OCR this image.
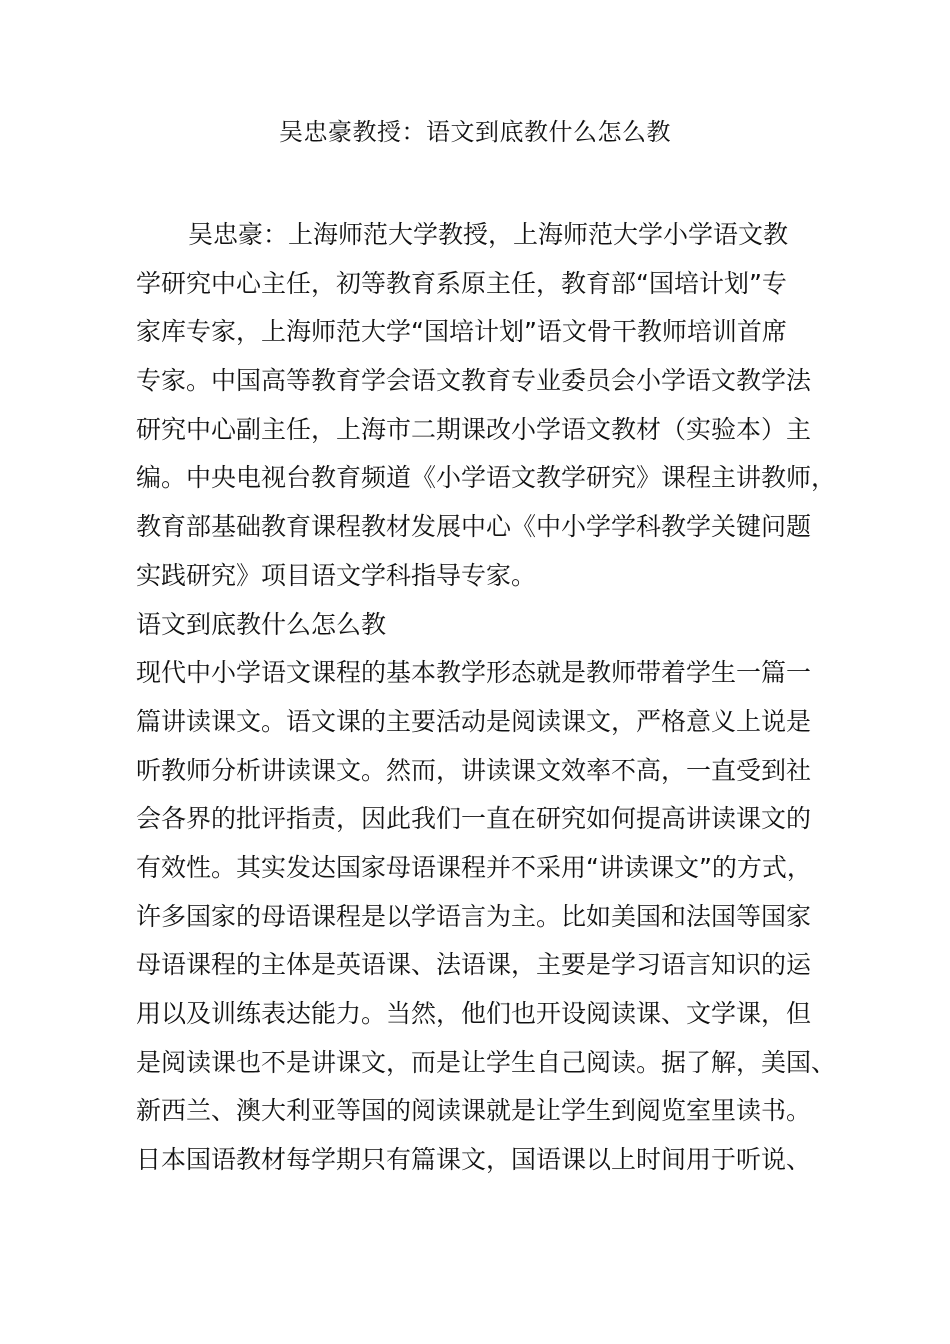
吴忠豪教授：语文到底教什么怎么教
吴忠豪：上海师范大学教授，上海师范大学小学语文教
学研究中心主任，初等教育系原主任，教育部“国培计划”专
家库专家，上海师范大学“国培计划”语文骨干教师培训首席
专家。中国高等教育学会语文教育专业委员会小学语文教学法
研究中心副主任，上海市二期课改小学语文教材（实验本）主
编。中央电视台教育频道《小学语文教学研究》课程主讲教师，
教育部基础教育课程教材发展中心《中小学学科教学关键问题
实践研究》项目语文学科指导专家。
语文到底教什么怎么教
现代中小学语文课程的基本教学形态就是教师带着学生一篇一
篇讲读课文。语文课的主要活动是阅读课文，严格意义上说是
听教师分析讲读课文。然而，讲读课文效率不高，一直受到社
会各界的批评指责，因此我们一直在研究如何提高讲读课文的
有效性。其实发达国家母语课程并不采用“讲读课文”的方式，
许多国家的母语课程是以学语言为主。比如美国和法国等国家
母语课程的主体是英语课、法语课，主要是学习语言知识的运
用以及训练表达能力。当然，他们也开设阅读课、文学课，但
是阅读课也不是讲课文，而是让学生自己阅读。据了解，美国、
新西兰、澳大利亚等国的阅读课就是让学生到阅览室里读书。
日本国语教材每学期只有篇课文，国语课以上时间用于听说、
